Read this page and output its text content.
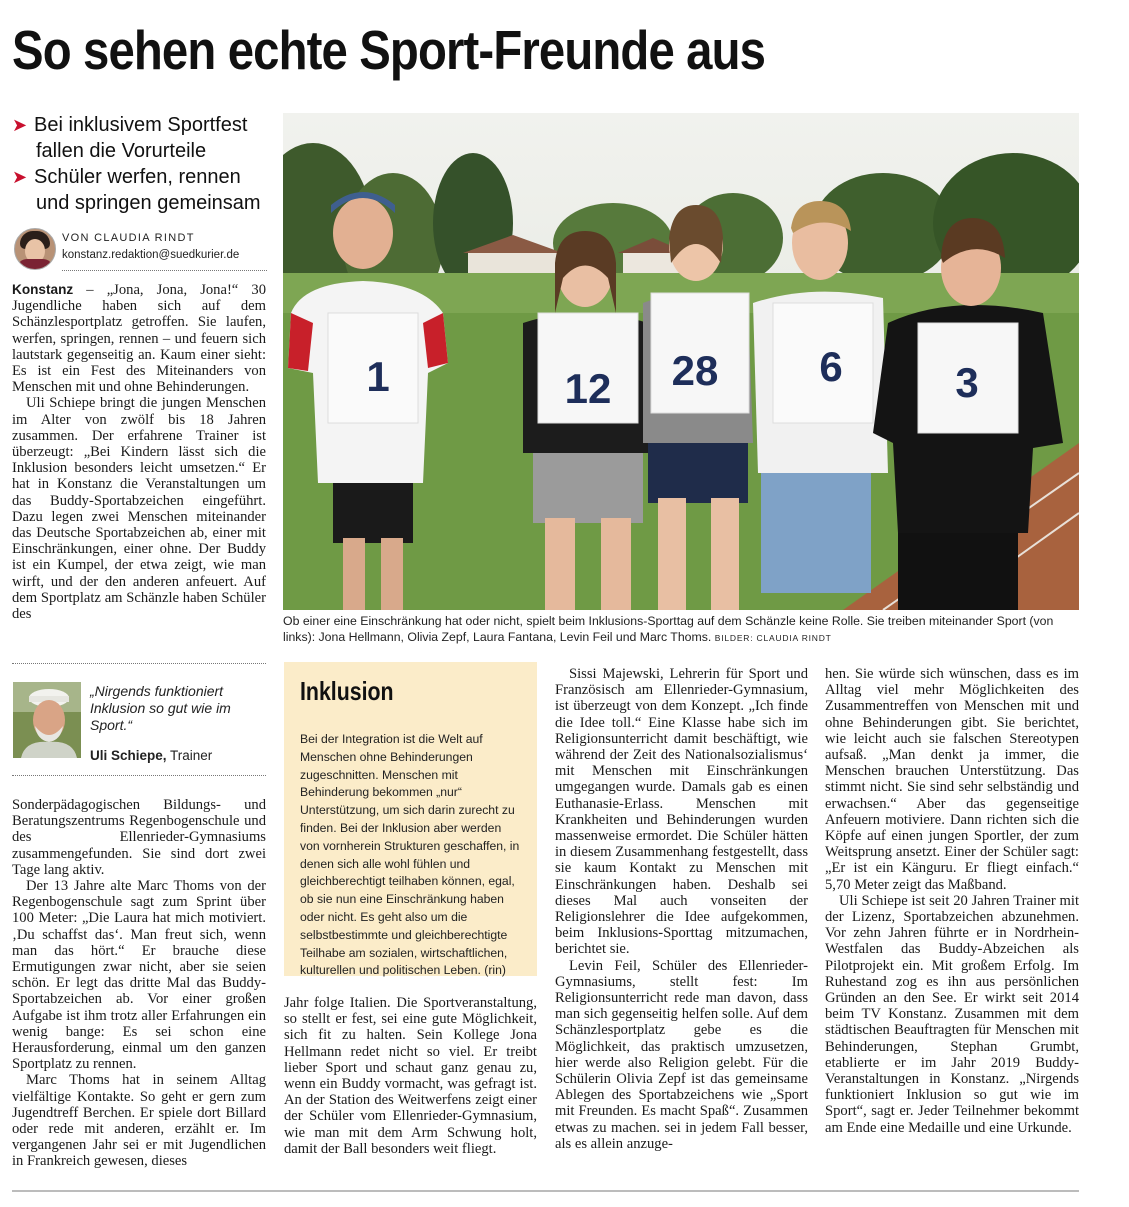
So sehen echte Sport-Freunde aus
➤ Bei inklusivem Sportfest
fallen die Vorurteile
➤ Schüler werfen, rennen
und springen gemeinsam
VON CLAUDIA RINDT
konstanz.redaktion@suedkurier.de

Konstanz – „Jona, Jona, Jona!“ 30 Jugendliche haben sich auf dem Schänzlesportplatz getroffen. Sie laufen, werfen, springen, rennen – und feuern sich lautstark gegenseitig an. Kaum einer sieht: Es ist ein Fest des Miteinanders von Menschen mit und ohne Behinderungen.

Uli Schiepe bringt die jungen Menschen im Alter von zwölf bis 18 Jahren zusammen. Der erfahrene Trainer ist überzeugt: „Bei Kindern lässt sich die Inklusion besonders leicht umsetzen.“ Er hat in Konstanz die Veranstaltungen um das Buddy-Sportabzeichen eingeführt. Dazu legen zwei Menschen miteinander das Deutsche Sportabzeichen ab, einer mit Einschränkungen, einer ohne. Der Buddy ist ein Kumpel, der etwa zeigt, wie man wirft, und der den anderen anfeuert. Auf dem Sportplatz am Schänzle haben Schüler des

„Nirgends funktioniert Inklusion so gut wie im Sport.“
Uli Schiepe, Trainer

Sonderpädagogischen Bildungs- und Beratungszentrums Regenbogenschule und des Ellenrieder-Gymnasiums zusammengefunden. Sie sind dort zwei Tage lang aktiv.

Der 13 Jahre alte Marc Thoms von der Regenbogenschule sagt zum Sprint über 100 Meter: „Die Laura hat mich motiviert. ‚Du schaffst das‘. Man freut sich, wenn man das hört.“ Er brauche diese Ermutigungen zwar nicht, aber sie seien schön. Er legt das dritte Mal das Buddy-Sportabzeichen ab. Vor einer großen Aufgabe ist ihm trotz aller Erfahrungen ein wenig bange: Es sei schon eine Herausforderung, einmal um den ganzen Sportplatz zu rennen.

Marc Thoms hat in seinem Alltag vielfältige Kontakte. So geht er gern zum Jugendtreff Berchen. Er spiele dort Billard oder rede mit anderen, erzählt er. Im vergangenen Jahr sei er mit Jugendlichen in Frankreich gewesen, dieses

1	12 28 6	3
Ob einer eine Einschränkung hat oder nicht, spielt beim Inklusions-Sporttag auf dem Schänzle keine Rolle. Sie treiben miteinander Sport (von links): Jona Hellmann, Olivia Zepf, Laura Fantana, Levin Feil und Marc Thoms. BILDER: CLAUDIA RINDT
Inklusion
Bei der Integration ist die Welt auf Menschen ohne Behinderungen zugeschnitten. Menschen mit Behinderung bekommen „nur“ Unterstützung, um sich darin zurecht zu finden. Bei der Inklusion aber werden von vornherein Strukturen geschaffen, in denen sich alle wohl fühlen und gleichberechtigt teilhaben können, egal, ob sie nun eine Einschränkung haben oder nicht. Es geht also um die selbstbestimmte und gleichberechtigte Teilhabe am sozialen, wirtschaftlichen, kulturellen und politischen Leben. (rin)

Jahr folge Italien. Die Sportveranstaltung, so stellt er fest, sei eine gute Möglichkeit, sich fit zu halten. Sein Kollege Jona Hellmann redet nicht so viel. Er treibt lieber Sport und schaut ganz genau zu, wenn ein Buddy vormacht, was gefragt ist. An der Station des Weitwerfens zeigt einer der Schüler vom Ellenrieder-Gymnasium, wie man mit dem Arm Schwung holt, damit der Ball besonders weit fliegt.

Sissi Majewski, Lehrerin für Sport und Französisch am Ellenrieder-Gymnasium, ist überzeugt von dem Konzept. „Ich finde die Idee toll.“ Eine Klasse habe sich im Religionsunterricht damit beschäftigt, wie während der Zeit des Nationalsozialismus‘ mit Menschen mit Einschränkungen umgegangen wurde. Damals gab es einen Euthanasie-Erlass. Menschen mit Krankheiten und Behinderungen wurden massenweise ermordet. Die Schüler hätten in diesem Zusammenhang festgestellt, dass sie kaum Kontakt zu Menschen mit Einschränkungen haben. Deshalb sei dieses Mal auch vonseiten der Religionslehrer die Idee aufgekommen, beim Inklusions-Sporttag mitzumachen, berichtet sie.

Levin Feil, Schüler des Ellenrieder-Gymnasiums, stellt fest: Im Religionsunterricht rede man davon, dass man sich gegenseitig helfen solle. Auf dem Schänzlesportplatz gebe es die Möglichkeit, das praktisch umzusetzen, hier werde also Religion gelebt. Für die Schülerin Olivia Zepf ist das gemeinsame Ablegen des Sportabzeichens wie „Sport mit Freunden. Es macht Spaß“. Zusammen etwas zu machen. sei in jedem Fall besser, als es allein anzuge-

hen. Sie würde sich wünschen, dass es im Alltag viel mehr Möglichkeiten des Zusammentreffen von Menschen mit und ohne Behinderungen gibt. Sie berichtet, wie leicht auch sie falschen Stereotypen aufsaß. „Man denkt ja immer, die Menschen brauchen Unterstützung. Das stimmt nicht. Sie sind sehr selbständig und erwachsen.“ Aber das gegenseitige Anfeuern motiviere. Dann richten sich die Köpfe auf einen jungen Sportler, der zum Weitsprung ansetzt. Einer der Schüler sagt: „Er ist ein Känguru. Er fliegt einfach.“ 5,70 Meter zeigt das Maßband.

Uli Schiepe ist seit 20 Jahren Trainer mit der Lizenz, Sportabzeichen abzunehmen. Vor zehn Jahren führte er in Nordrhein-Westfalen das Buddy-Abzeichen als Pilotprojekt ein. Mit großem Erfolg. Im Ruhestand zog es ihn aus persönlichen Gründen an den See. Er wirkt seit 2014 beim TV Konstanz. Zusammen mit dem städtischen Beauftragten für Menschen mit Behinderungen, Stephan Grumbt, etablierte er im Jahr 2019 Buddy-Veranstaltungen in Konstanz. „Nirgends funktioniert Inklusion so gut wie im Sport“, sagt er. Jeder Teilnehmer bekommt am Ende eine Medaille und eine Urkunde.
